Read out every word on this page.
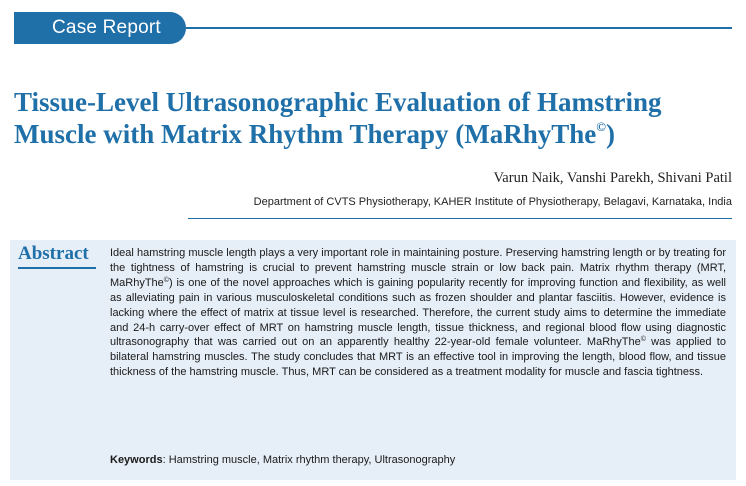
Case Report
Tissue-Level Ultrasonographic Evaluation of Hamstring
Muscle with Matrix Rhythm Therapy (MaRhyThe©)
Varun Naik, Vanshi Parekh, Shivani Patil
Department of CVTS Physiotherapy, KAHER Institute of Physiotherapy, Belagavi, Karnataka, India
Abstract Ideal hamstring muscle length plays a very important role in maintaining posture. Preserving hamstring length or by treating for the tightness of hamstring is crucial to prevent hamstring muscle strain or low back pain. Matrix rhythm therapy (MRT, MaRhyThe©) is one of the novel approaches which is gaining popularity recently for improving function and flexibility, as well as alleviating pain in various musculoskeletal conditions such as frozen shoulder and plantar fasciitis. However, evidence is lacking where the effect of matrix at tissue level is researched. Therefore, the current study aims to determine the immediate and 24-h carry-over effect of MRT on hamstring muscle length, tissue thickness, and regional blood flow using diagnostic ultrasonography that was carried out on an apparently healthy 22-year-old female volunteer. MaRhyThe© was applied to bilateral hamstring muscles. The study concludes that MRT is an effective tool in improving the length, blood flow, and tissue thickness of the hamstring muscle. Thus, MRT can be considered as a treatment modality for muscle and fascia tightness.

Keywords: Hamstring muscle, Matrix rhythm therapy, Ultrasonography
